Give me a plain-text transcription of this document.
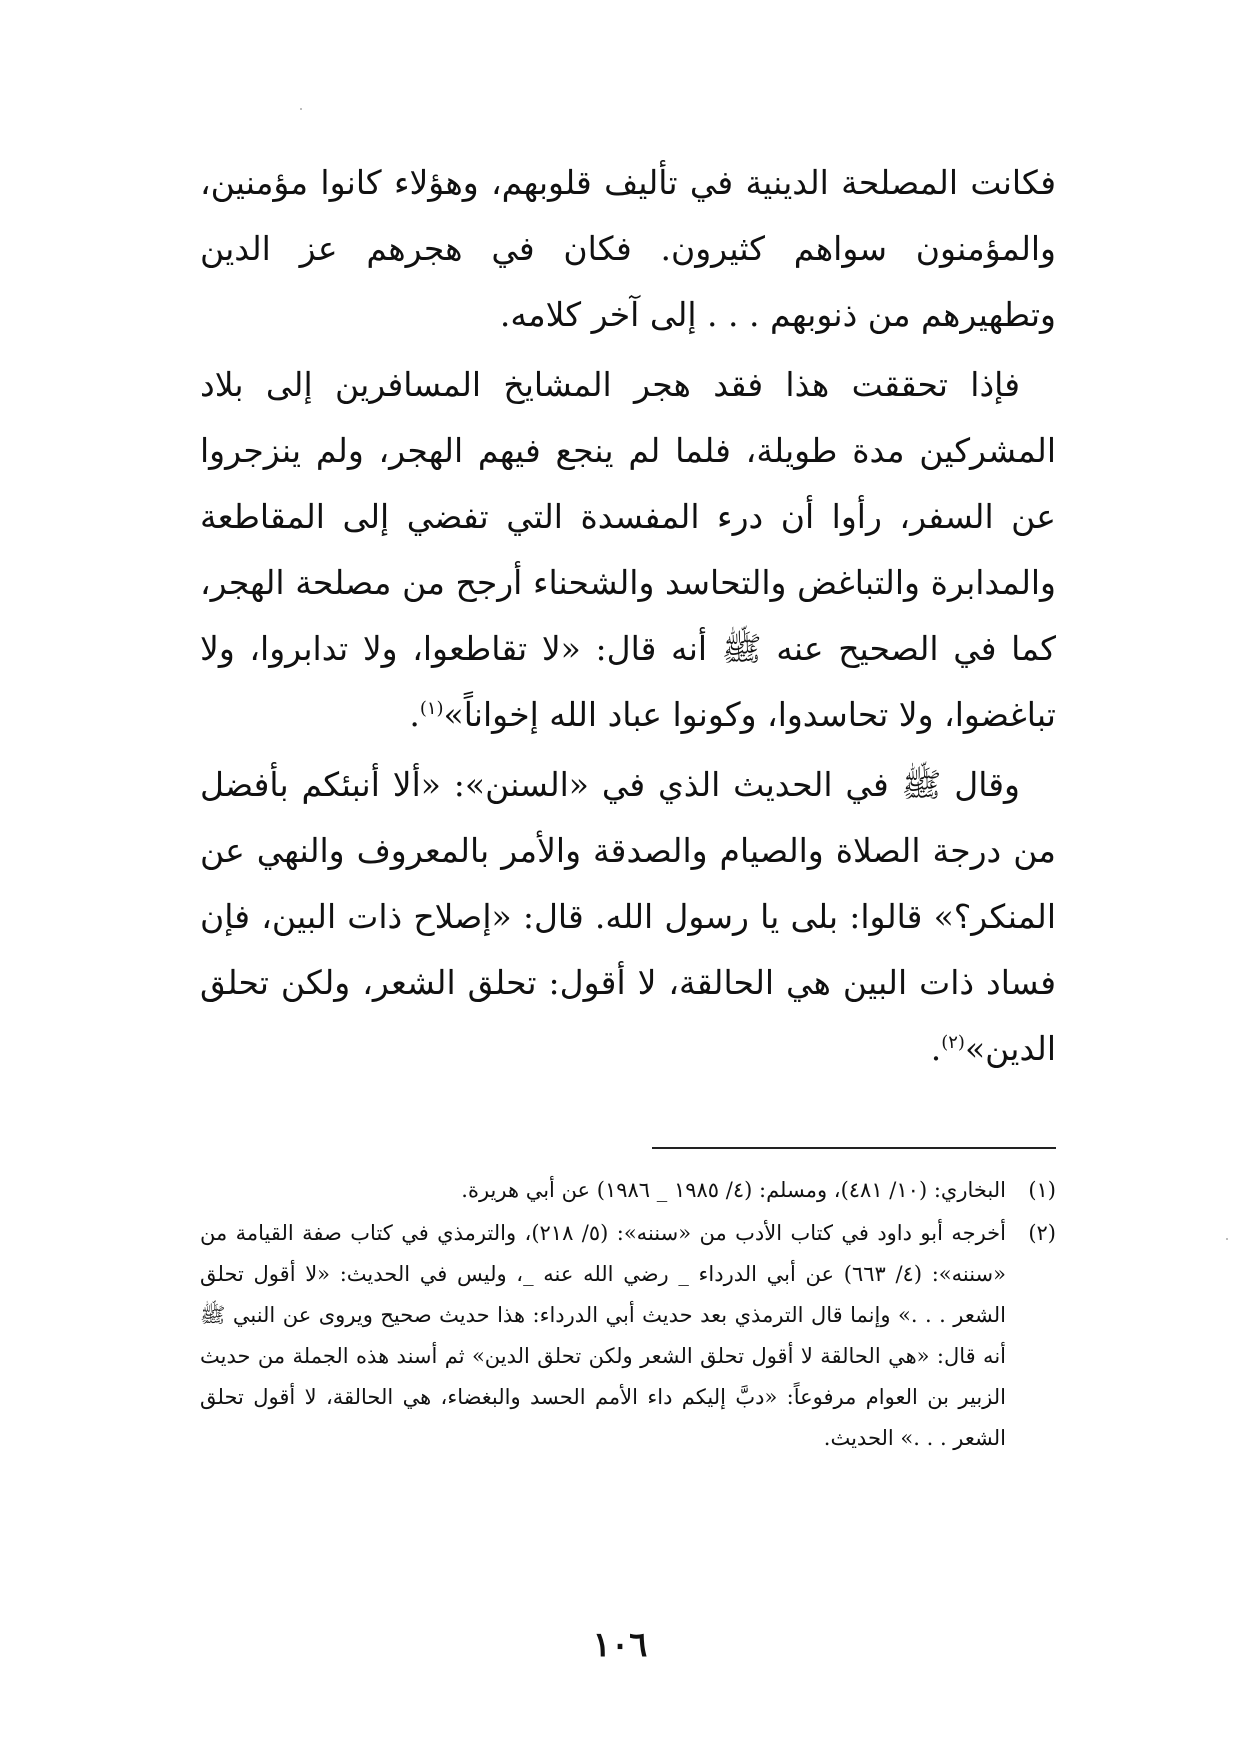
فكانت المصلحة الدينية في تأليف قلوبهم، وهؤلاء كانوا مؤمنين، والمؤمنون سواهم كثيرون. فكان في هجرهم عز الدين وتطهيرهم من ذنوبهم . . . إلى آخر كلامه.

فإذا تحققت هذا فقد هجر المشايخ المسافرين إلى بلاد المشركين مدة طويلة، فلما لم ينجع فيهم الهجر، ولم ينزجروا عن السفر، رأوا أن درء المفسدة التي تفضي إلى المقاطعة والمدابرة والتباغض والتحاسد والشحناء أرجح من مصلحة الهجر، كما في الصحيح عنه ﷺ أنه قال: «لا تقاطعوا، ولا تدابروا، ولا تباغضوا، ولا تحاسدوا، وكونوا عباد الله إخواناً»$^{(١)}$.

وقال ﷺ في الحديث الذي في «السنن»: «ألا أنبئكم بأفضل من درجة الصلاة والصيام والصدقة والأمر بالمعروف والنهي عن المنكر؟» قالوا: بلى يا رسول الله. قال: «إصلاح ذات البين، فإن فساد ذات البين هي الحالقة، لا أقول: تحلق الشعر، ولكن تحلق الدين»$^{(٢)}$.

(١)
البخاري: (١٠/ ٤٨١)، ومسلم: (٤/ ١٩٨٥ _ ١٩٨٦) عن أبي هريرة.
(٢)
أخرجه أبو داود في كتاب الأدب من «سننه»: (٥/ ٢١٨)، والترمذي في كتاب صفة القيامة من «سننه»: (٤/ ٦٦٣) عن أبي الدرداء _ رضي الله عنه _، وليس في الحديث: «لا أقول تحلق الشعر . . .» وإنما قال الترمذي بعد حديث أبي الدرداء: هذا حديث صحيح ويروى عن النبي ﷺ أنه قال: «هي الحالقة لا أقول تحلق الشعر ولكن تحلق الدين» ثم أسند هذه الجملة من حديث الزبير بن العوام مرفوعاً: «دبَّ إليكم داء الأمم الحسد والبغضاء، هي الحالقة، لا أقول تحلق الشعر . . .» الحديث.
١٠٦
